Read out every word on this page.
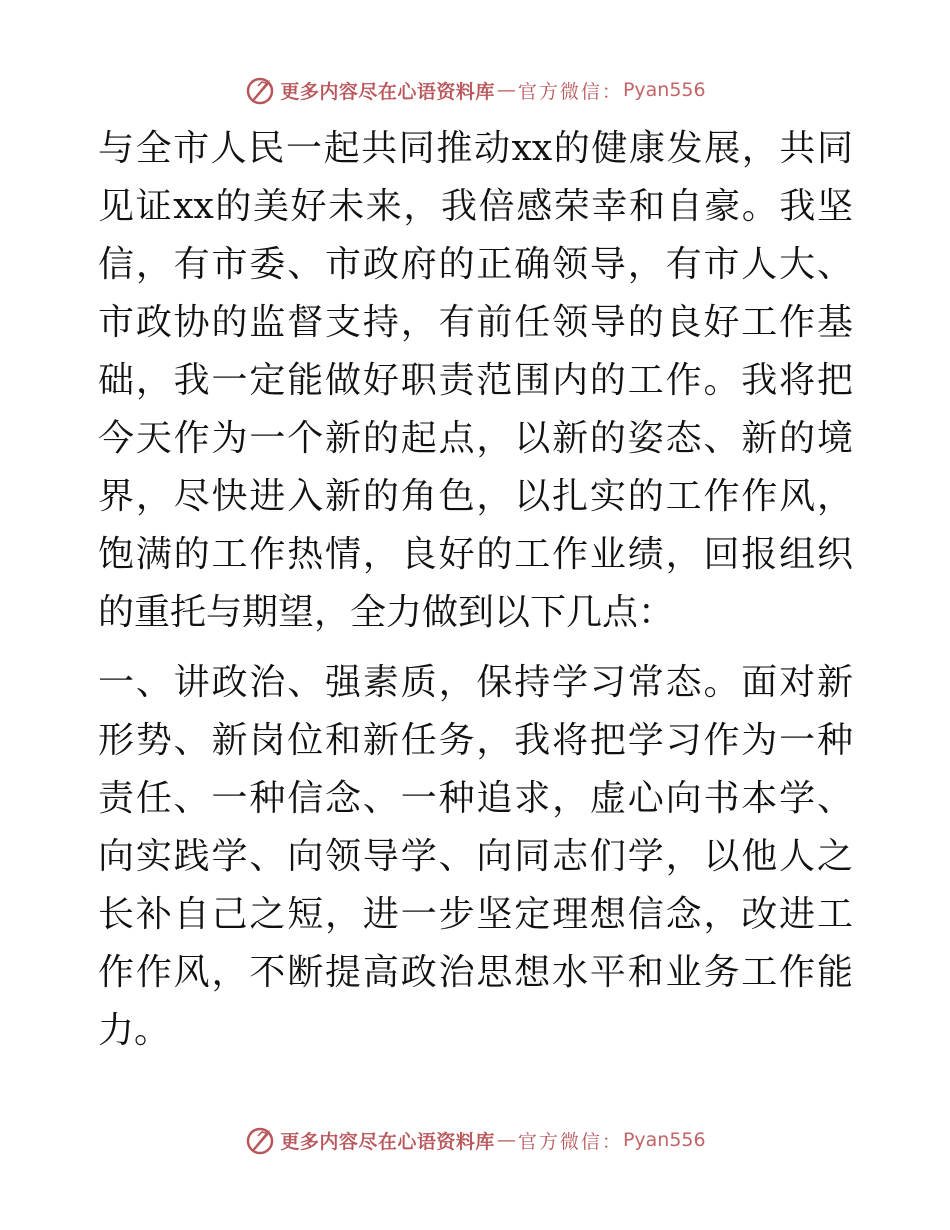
更多内容尽在心语资料库 — 官方微信： Pyan556

与全市人民一起共同推动xx的健康发展，共同见证xx的美好未来，我倍感荣幸和自豪。我坚信，有市委、市政府的正确领导，有市人大、市政协的监督支持，有前任领导的良好工作基础，我一定能做好职责范围内的工作。我将把今天作为一个新的起点，以新的姿态、新的境界，尽快进入新的角色，以扎实的工作作风，饱满的工作热情，良好的工作业绩，回报组织的重托与期望，全力做到以下几点：

一、讲政治、强素质，保持学习常态。面对新形势、新岗位和新任务，我将把学习作为一种责任、一种信念、一种追求，虚心向书本学、向实践学、向领导学、向同志们学，以他人之长补自己之短，进一步坚定理想信念，改进工作作风，不断提高政治思想水平和业务工作能力。

更多内容尽在心语资料库 — 官方微信： Pyan556
